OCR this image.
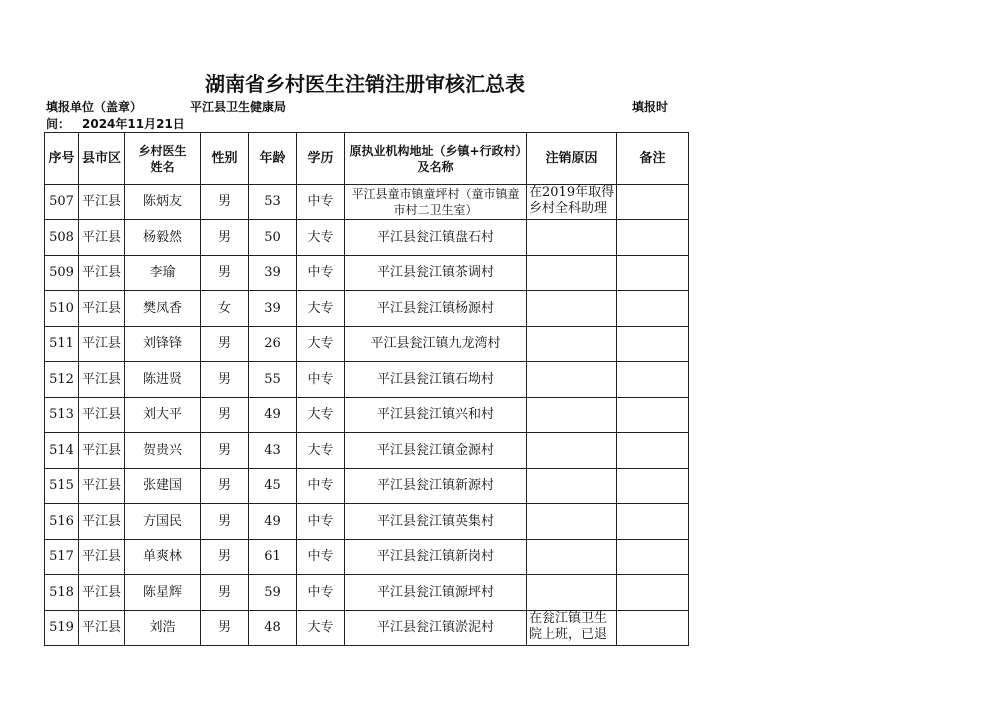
湖南省乡村医生注销注册审核汇总表
填报单位（盖章）	平江县卫生健康局	填报时
间： 2024年11月21日
序号	县市区	乡村医生姓名	性别	年龄	学历	原执业机构地址（乡镇+行政村）及名称	注销原因	备注
507	平江县	陈炳友	男	53	中专	平江县童市镇童坪村（童市镇童市村二卫生室）	在2019年取得乡村全科助理	

508	平江县	杨毅然	男	50	大专	平江县瓮江镇盘石村	

509	平江县	李瑜	男	39	中专	平江县瓮江镇茶调村	

510	平江县	樊凤香	女	39	大专	平江县瓮江镇杨源村	

511	平江县	刘锋锋	男	26	大专	平江县瓮江镇九龙湾村	

512	平江县	陈进贤	男	55	中专	平江县瓮江镇石坳村	

513	平江县	刘大平	男	49	大专	平江县瓮江镇兴和村	

514	平江县	贺贵兴	男	43	大专	平江县瓮江镇金源村	

515	平江县	张建国	男	45	中专	平江县瓮江镇新源村	

516	平江县	方国民	男	49	中专	平江县瓮江镇英集村	

517	平江县	单爽林	男	61	中专	平江县瓮江镇新岗村	

518	平江县	陈星辉	男	59	中专	平江县瓮江镇源坪村	

519	平江县	刘浩	男	48	大专	平江县瓮江镇淤泥村	在瓮江镇卫生院上班，已退	
